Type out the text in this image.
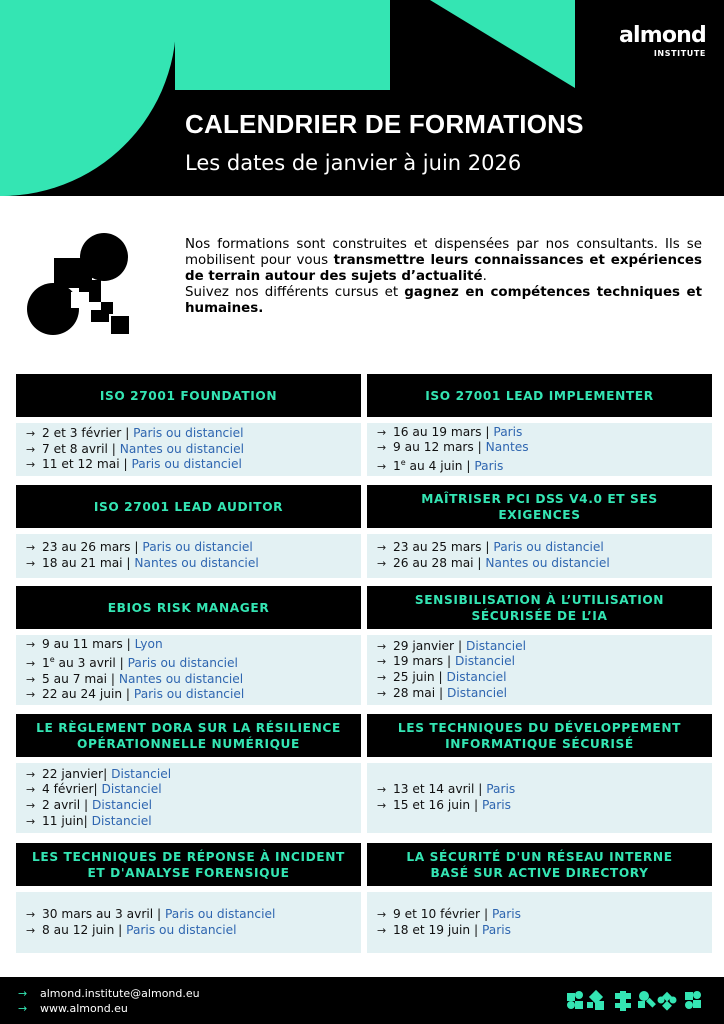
almond
INSTITUTE
CALENDRIER DE FORMATIONS
Les dates de janvier à juin 2026

Nos formations sont construites et dispensées par nos consultants. Ils se mobilisent pour vous transmettre leurs connaissances et expériences de terrain autour des sujets d’actualité.

Suivez nos différents cursus et gagnez en compétences techniques et humaines.

ISO 27001 FOUNDATION
→ 2 et 3 février | Paris ou distanciel
→ 7 et 8 avril | Nantes ou distanciel
→ 11 et 12 mai | Paris ou distanciel
ISO 27001 LEAD IMPLEMENTER
→ 16 au 19 mars | Paris
→ 9 au 12 mars | Nantes
→ $1^e$ au 4 juin | Paris
ISO 27001 LEAD AUDITOR
→ 23 au 26 mars | Paris ou distanciel
→ 18 au 21 mai | Nantes ou distanciel
MAÎTRISER PCI DSS V4.0 ET SES EXIGENCES
→ 23 au 25 mars | Paris ou distanciel
→ 26 au 28 mai | Nantes ou distanciel
EBIOS RISK MANAGER
→ 9 au 11 mars | Lyon
→ $1^e$ au 3 avril | Paris ou distanciel
→ 5 au 7 mai | Nantes ou distanciel
→ 22 au 24 juin | Paris ou distanciel
SENSIBILISATION À L’UTILISATION SÉCURISÉE DE L’IA
→ 29 janvier | Distanciel
→ 19 mars | Distanciel
→ 25 juin | Distanciel
→ 28 mai | Distanciel
LE RÈGLEMENT DORA SUR LA RÉSILIENCE OPÉRATIONNELLE NUMÉRIQUE
→ 22 janvier| Distanciel
→ 4 février| Distanciel
→ 2 avril | Distanciel
→ 11 juin| Distanciel
LES TECHNIQUES DU DÉVELOPPEMENT INFORMATIQUE SÉCURISÉ
→ 13 et 14 avril | Paris
→ 15 et 16 juin | Paris
LES TECHNIQUES DE RÉPONSE À INCIDENT ET D'ANALYSE FORENSIQUE
→ 30 mars au 3 avril | Paris ou distanciel
→ 8 au 12 juin | Paris ou distanciel
LA SÉCURITÉ D'UN RÉSEAU INTERNE BASÉ SUR ACTIVE DIRECTORY
→ 9 et 10 février | Paris
→ 18 et 19 juin | Paris
→ almond.institute@almond.eu
→ www.almond.eu
